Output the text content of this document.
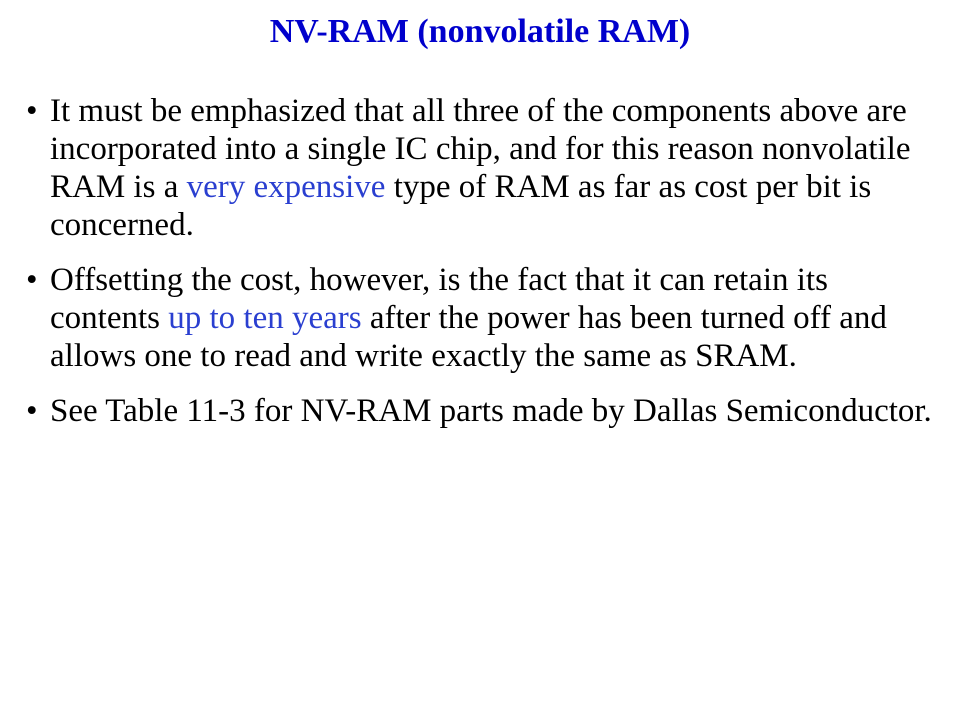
NV-RAM (nonvolatile RAM)
• It must be emphasized that all three of the components above are incorporated into a single IC chip, and for this reason nonvolatile RAM is a very expensive type of RAM as far as cost per bit is concerned.
• Offsetting the cost, however, is the fact that it can retain its contents up to ten years after the power has been turned off and allows one to read and write exactly the same as SRAM.
• See Table 11-3 for NV-RAM parts made by Dallas Semiconductor.
